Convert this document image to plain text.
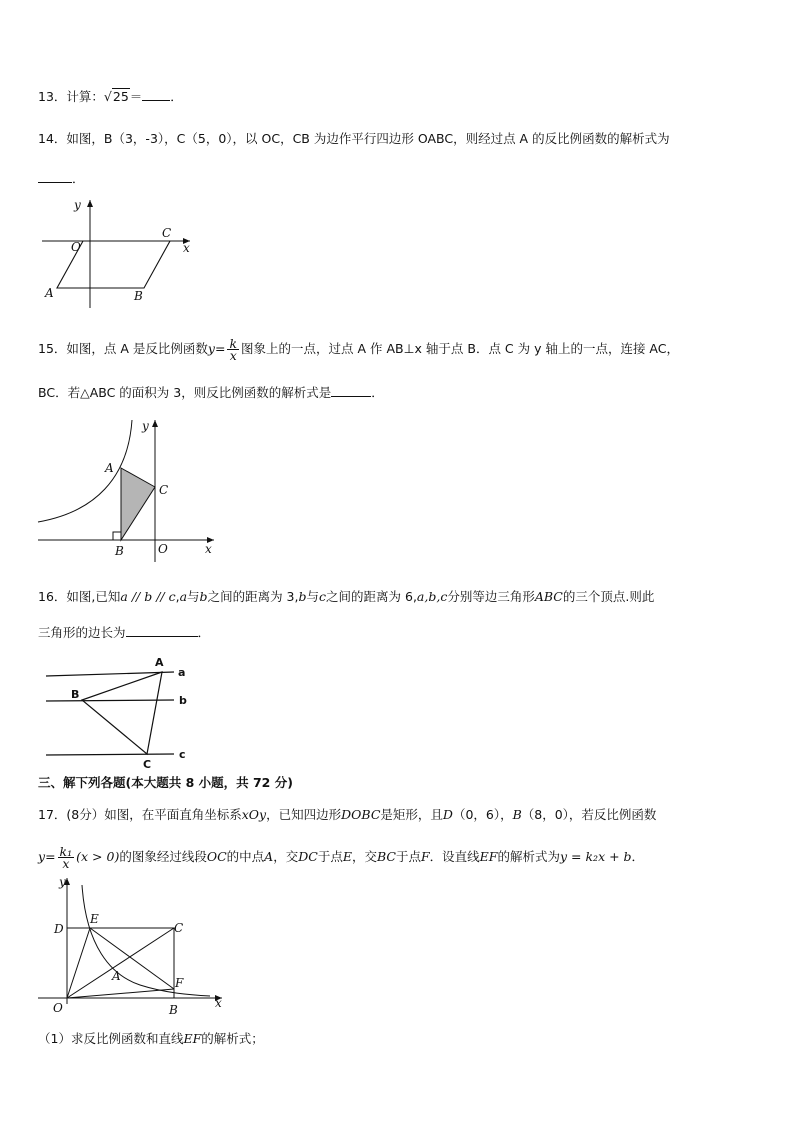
13．计算：√25＝ ．
14．如图，B（3，-3），C（5，0），以 OC，CB 为边作平行四边形 OABC，则经过点 A 的反比例函数的解析式为
．
y
x
O
C
A	B
15．如图，点 A 是反比例函数$y= \frac{k}{x}$ 图象上的一点，过点 A 作 AB⊥x 轴于点 B．点 C 为 y 轴上的一点，连接 AC，
BC．若△ABC 的面积为 3，则反比例函数的解析式是	．
y
x
A
C
B	O
16．如图,已知a // b // c,a与b之间的距离为 3,b与c之间的距离为 6,a,b,c分别等边三角形ABC的三个顶点.则此
三角形的边长为	．
A
B
C
a
b
c
三、解下列各题(本大题共 8 小题，共 72 分)
17．(8分）如图，在平面直角坐标系xOy，已知四边形DOBC是矩形，且D（0，6），B（8，0），若反比例函数
$y= \frac{\text{k₁}}{x} (x > 0)$的图象经过线段OC的中点A，交DC于点E，交BC于点F．设直线EF的解析式为y = k₂x + b．
y
x
D
E
C
A	F
O	B
（1）求反比例函数和直线EF的解析式；
